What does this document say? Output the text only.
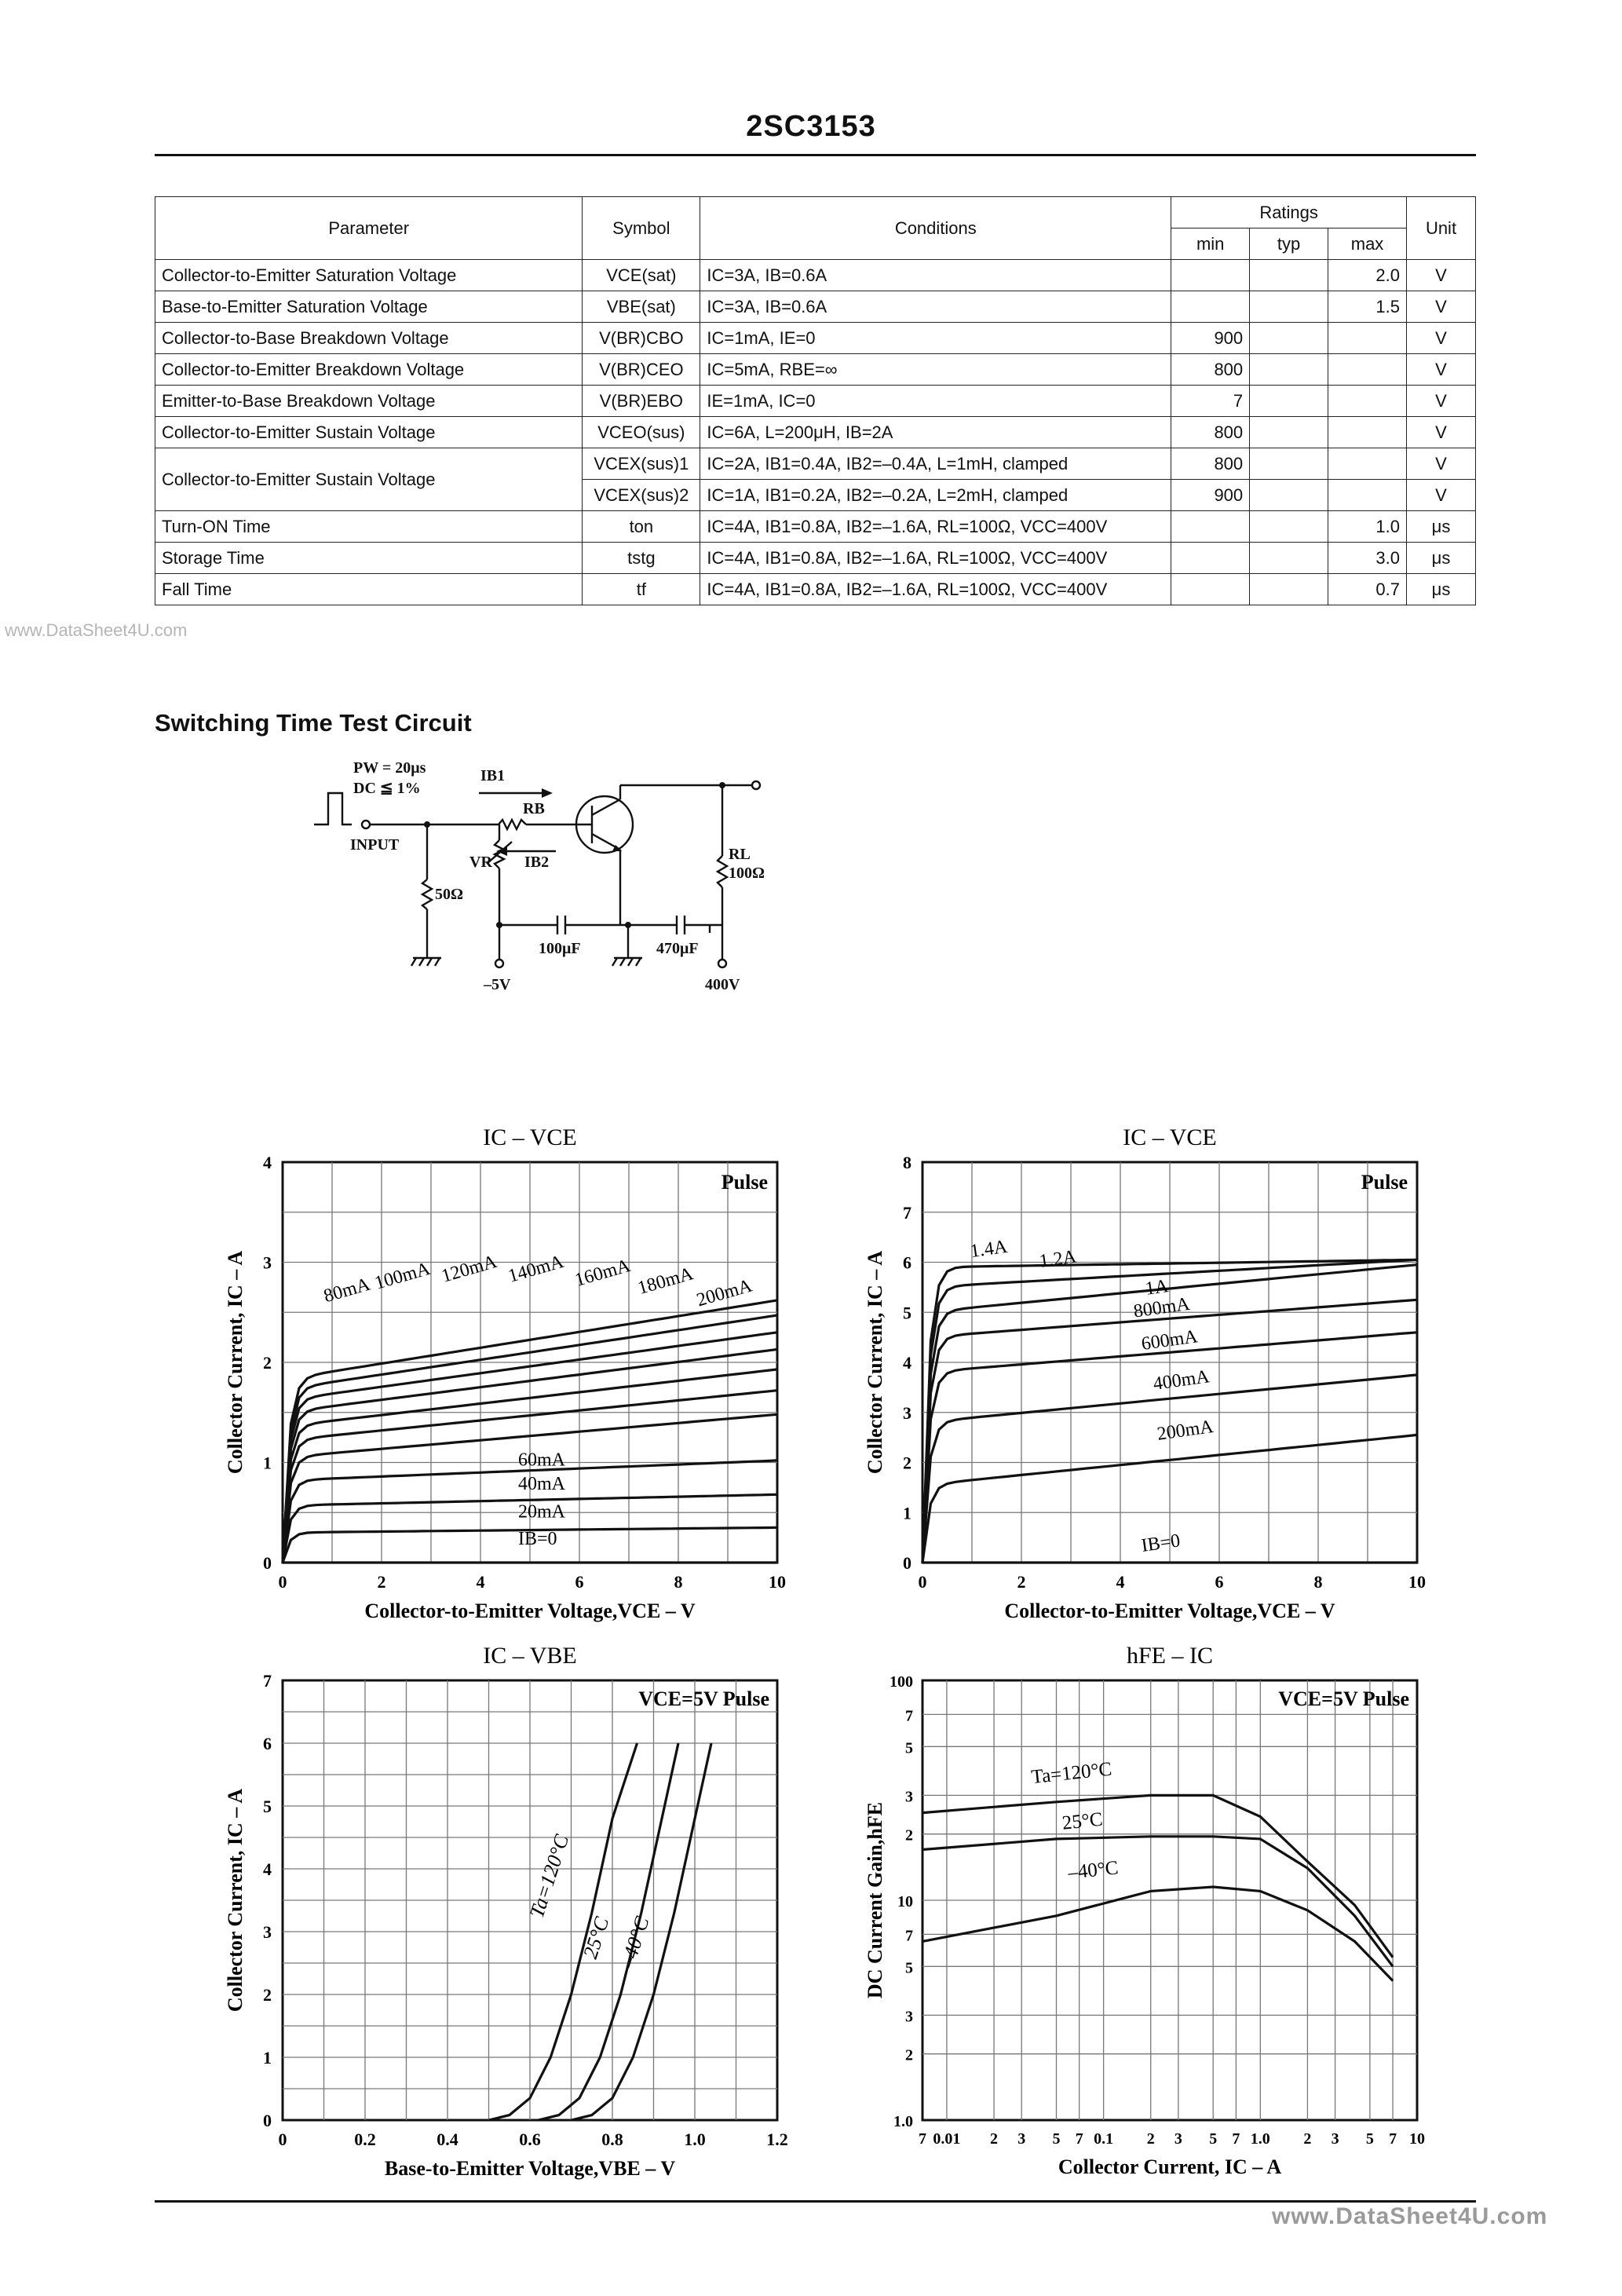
2SC3153
www.DataSheet4U.com
Parameter	Symbol	Conditions	Ratings			Unit
			min	typ	max	
Collector-to-Emitter Saturation Voltage	VCE(sat)	IC=3A, IB=0.6A			2.0	V
Base-to-Emitter Saturation Voltage	VBE(sat)	IC=3A, IB=0.6A			1.5	V
Collector-to-Base Breakdown Voltage	V(BR)CBO	IC=1mA, IE=0	900			V
Collector-to-Emitter Breakdown Voltage	V(BR)CEO	IC=5mA, RBE=∞	800			V
Emitter-to-Base Breakdown Voltage	V(BR)EBO	IE=1mA, IC=0	7			V
Collector-to-Emitter Sustain Voltage	VCEO(sus)	IC=6A, L=200μH, IB=2A	800			V
Collector-to-Emitter Sustain Voltage	VCEX(sus)1	IC=2A, IB1=0.4A, IB2=–0.4A, L=1mH, clamped	800			V
	VCEX(sus)2	IC=1A, IB1=0.2A, IB2=–0.2A, L=2mH, clamped	900			V
Turn-ON Time	ton	IC=4A, IB1=0.8A, IB2=–1.6A, RL=100Ω, VCC=400V			1.0	μs
Storage Time	tstg	IC=4A, IB1=0.8A, IB2=–1.6A, RL=100Ω, VCC=400V			3.0	μs
Fall Time	tf	IC=4A, IB1=0.8A, IB2=–1.6A, RL=100Ω, VCC=400V			0.7	μs
Switching Time Test Circuit
PW = 20μs
DC ≦ 1%
INPUT
IB1
IB2
RB
VR
50Ω
RL
100Ω
100μF	470μF
–5V	400V
IC – VCE
Collector-to-Emitter Voltage,VCE – V
Collector Current, IC – A
0	2	4	6	8	10
0
1
2
3
4
Pulse
IB=0
20mA
40mA
60mA
80mA 100mA 120mA 140mA 160mA 180mA
200mA
IC – VCE
Collector-to-Emitter Voltage,VCE – V
Collector Current, IC – A
0	2	4	6	8	10
0
1
2
3
4
5
6
7
8
Pulse
IB=0
200mA
400mA
600mA
800mA
1A
1.2A
1.4A
IC – VBE
Base-to-Emitter Voltage,VBE – V
Collector Current, IC – A
0	0.2	0.4	0.6	0.8	1.0	1.2
0
1
2
3
4
5
6
7
VCE=5V Pulse
Ta=120°C
25°C –40°C
hFE – IC
7 0.01 2 3 5 7 0.1 2 3 5 7 1.0 2 3 5 7 10
1.0
2
3
5
7
10
2
3
5
7
100
Collector Current, IC – A
DC Current Gain,hFE
VCE=5V Pulse
Ta=120°C
25°C
–40°C
www.DataSheet4U.com
